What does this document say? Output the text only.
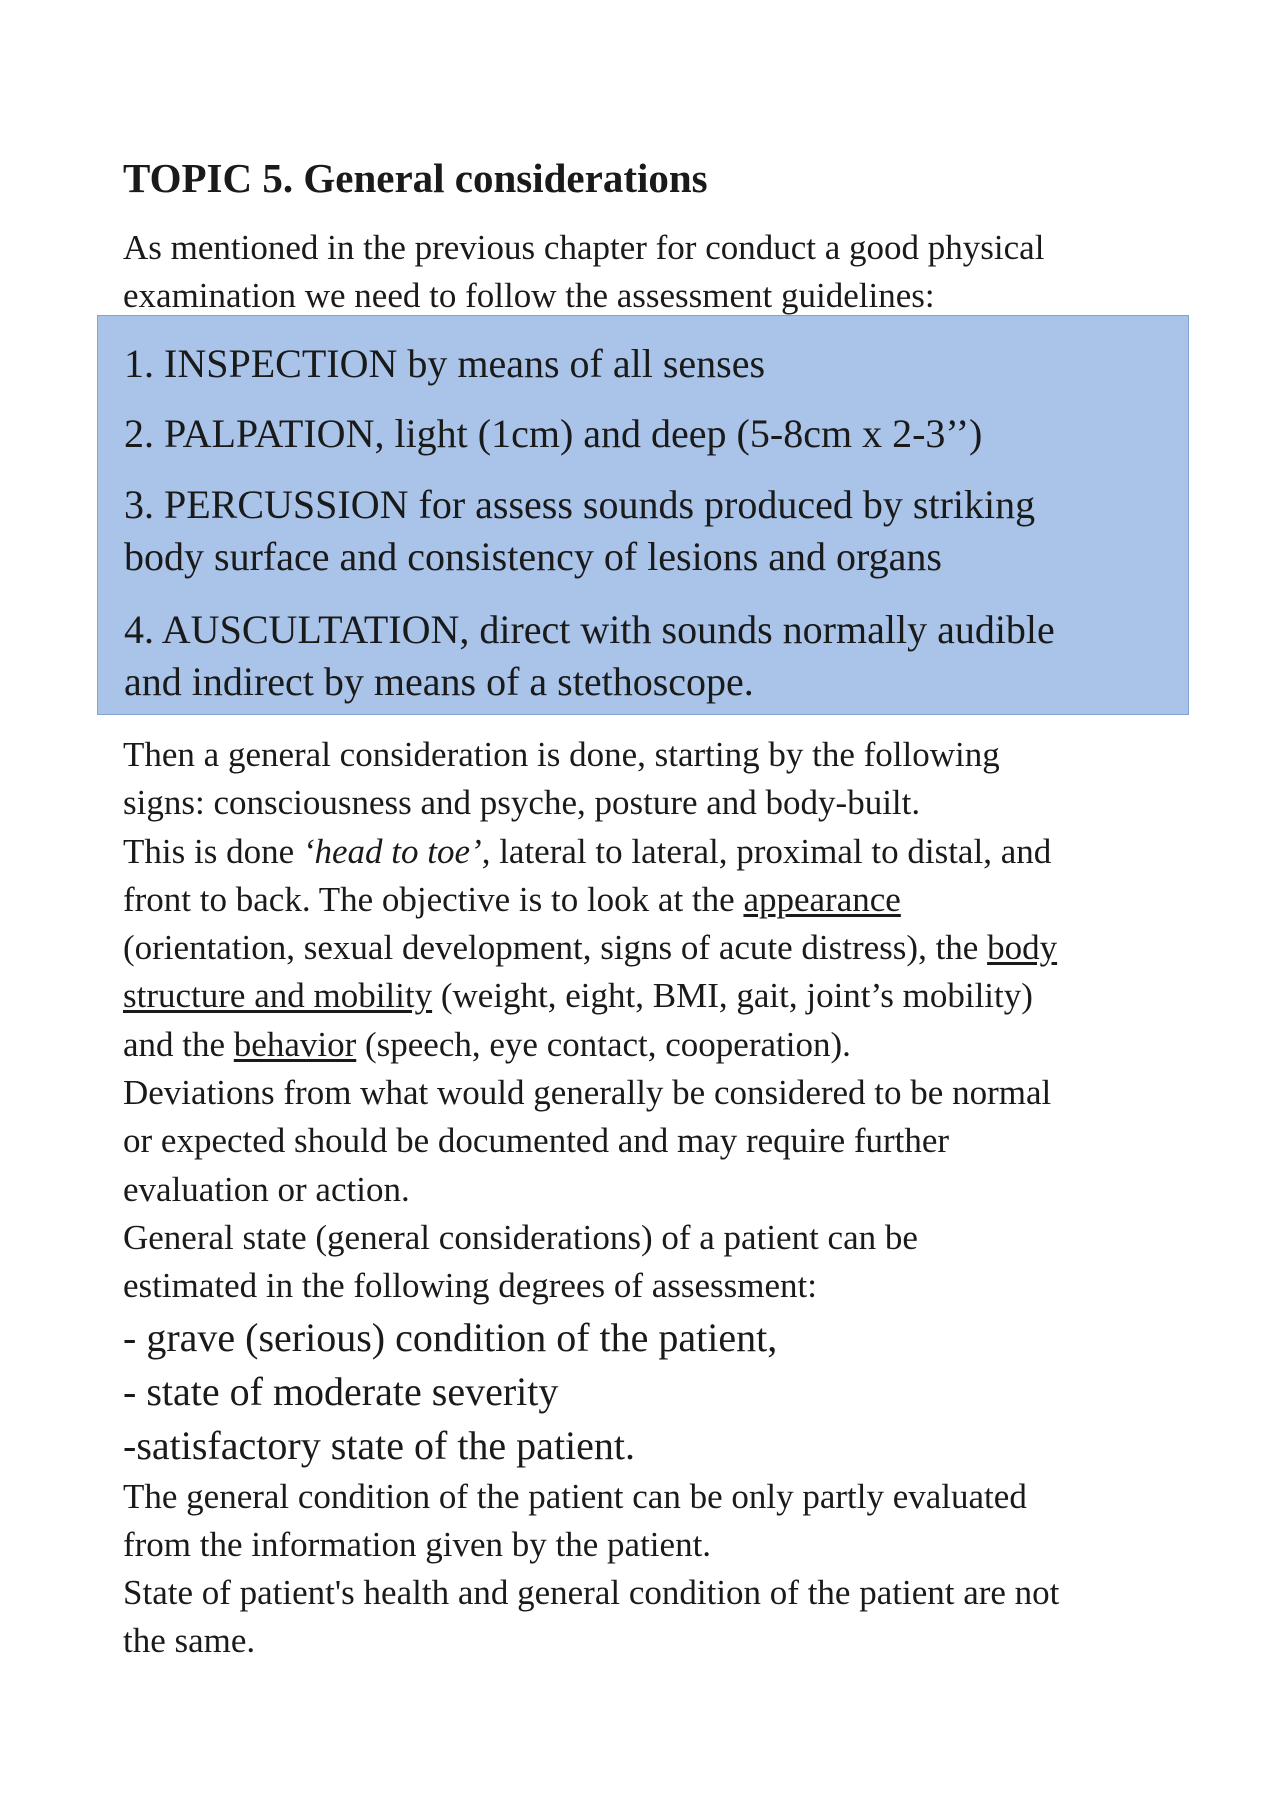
TOPIC 5. General considerations

As mentioned in the previous chapter for conduct a good physical
examination we need to follow the assessment guidelines:

1. INSPECTION by means of all senses

2. PALPATION, light (1cm) and deep (5-8cm x 2-3’’)

3. PERCUSSION for assess sounds produced by striking
body surface and consistency of lesions and organs

4. AUSCULTATION, direct with sounds normally audible
and indirect by means of a stethoscope.

Then a general consideration is done, starting by the following
signs: consciousness and psyche, posture and body-built.
This is done ‘head to toe’, lateral to lateral, proximal to distal, and
front to back. The objective is to look at the appearance
(orientation, sexual development, signs of acute distress), the body
structure and mobility (weight, eight, BMI, gait, joint’s mobility)
and the behavior (speech, eye contact, cooperation).
Deviations from what would generally be considered to be normal
or expected should be documented and may require further
evaluation or action.
General state (general considerations) of a patient can be
estimated in the following degrees of assessment:
- grave (serious) condition of the patient,
- state of moderate severity
-satisfactory state of the patient.
The general condition of the patient can be only partly evaluated
from the information given by the patient.
State of patient's health and general condition of the patient are not
the same.
